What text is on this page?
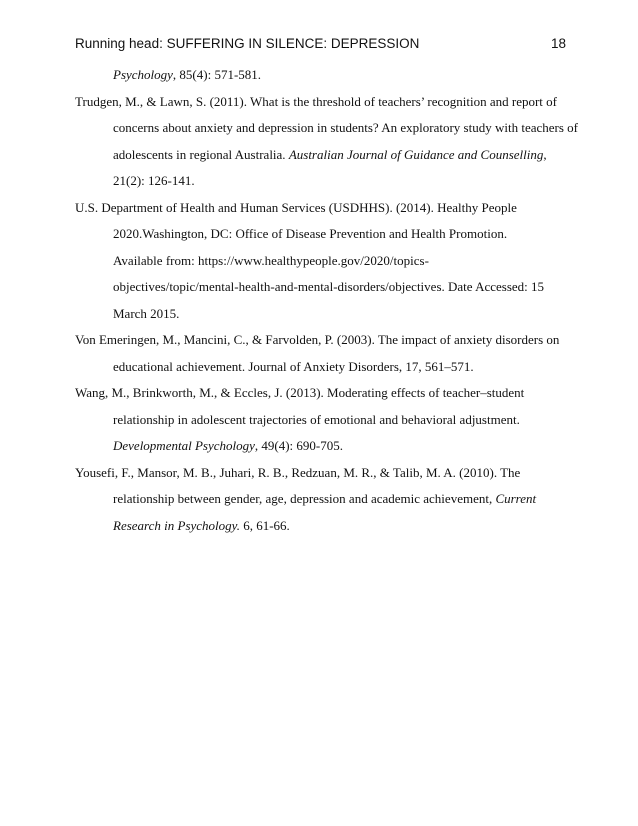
Running head: SUFFERING IN SILENCE: DEPRESSION	18
Psychology, 85(4): 571-581.
Trudgen, M., & Lawn, S. (2011). What is the threshold of teachers’ recognition and report of
concerns about anxiety and depression in students? An exploratory study with teachers of
adolescents in regional Australia. Australian Journal of Guidance and Counselling,
21(2): 126-141.
U.S. Department of Health and Human Services (USDHHS). (2014). Healthy People
2020.Washington, DC: Office of Disease Prevention and Health Promotion.
Available from: https://www.healthypeople.gov/2020/topics-
objectives/topic/mental-health-and-mental-disorders/objectives. Date Accessed: 15
March 2015.
Von Emeringen, M., Mancini, C., & Farvolden, P. (2003). The impact of anxiety disorders on
educational achievement. Journal of Anxiety Disorders, 17, 561–571.
Wang, M., Brinkworth, M., & Eccles, J. (2013). Moderating effects of teacher–student
relationship in adolescent trajectories of emotional and behavioral adjustment.
Developmental Psychology, 49(4): 690-705.
Yousefi, F., Mansor, M. B., Juhari, R. B., Redzuan, M. R., & Talib, M. A. (2010). The
relationship between gender, age, depression and academic achievement, Current
Research in Psychology. 6, 61-66.
